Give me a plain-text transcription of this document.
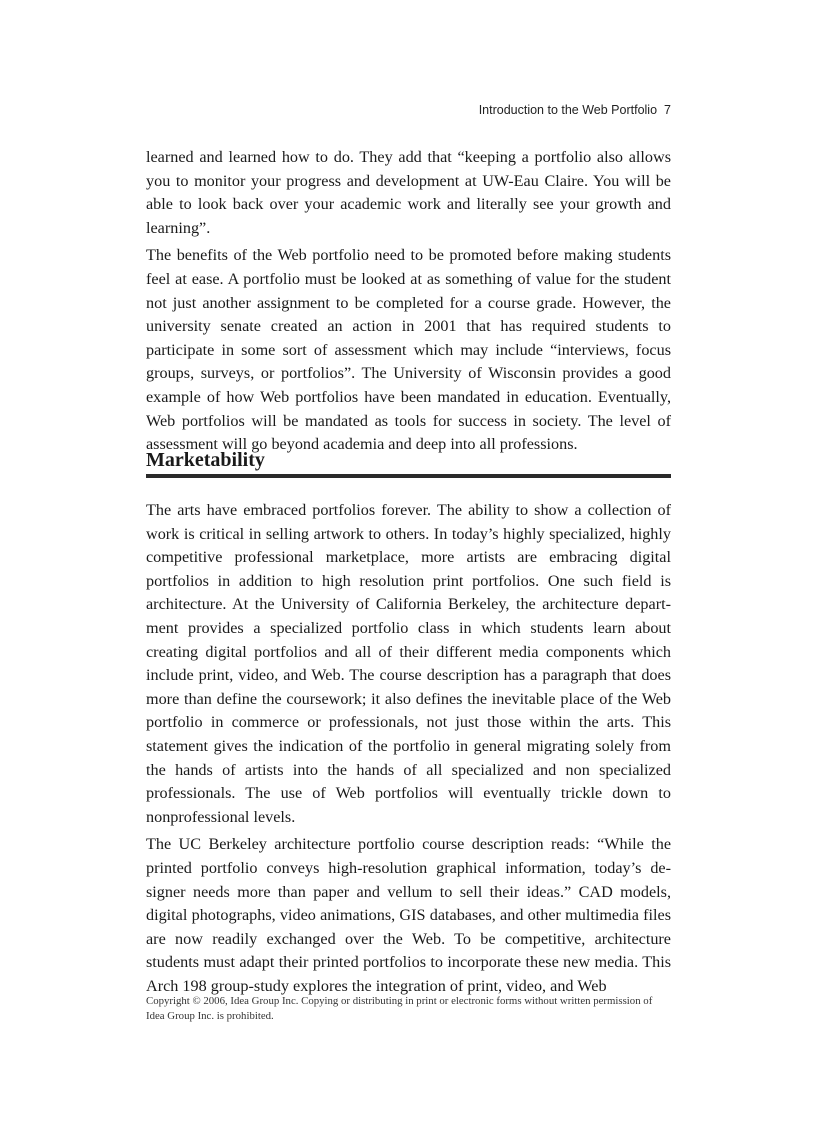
Introduction to the Web Portfolio 7

learned and learned how to do. They add that “keeping a portfolio also allows you to monitor your progress and development at UW-Eau Claire. You will be able to look back over your academic work and literally see your growth and learning”.

The benefits of the Web portfolio need to be promoted before making students feel at ease. A portfolio must be looked at as something of value for the student not just another assignment to be completed for a course grade. However, the university senate created an action in 2001 that has required students to participate in some sort of assessment which may include “interviews, focus groups, surveys, or portfolios”. The University of Wisconsin provides a good example of how Web portfolios have been mandated in education. Eventually, Web portfolios will be mandated as tools for success in society. The level of assessment will go beyond academia and deep into all professions.

Marketability

The arts have embraced portfolios forever. The ability to show a collection of work is critical in selling artwork to others. In today’s highly specialized, highly competitive professional marketplace, more artists are embracing digital portfolios in addition to high resolution print portfolios. One such field is architecture. At the University of California Berkeley, the architecture depart-ment provides a specialized portfolio class in which students learn about creating digital portfolios and all of their different media components which include print, video, and Web. The course description has a paragraph that does more than define the coursework; it also defines the inevitable place of the Web portfolio in commerce or professionals, not just those within the arts. This statement gives the indication of the portfolio in general migrating solely from the hands of artists into the hands of all specialized and non specialized professionals. The use of Web portfolios will eventually trickle down to nonprofessional levels.

The UC Berkeley architecture portfolio course description reads: “While the printed portfolio conveys high-resolution graphical information, today’s de-signer needs more than paper and vellum to sell their ideas.” CAD models, digital photographs, video animations, GIS databases, and other multimedia files are now readily exchanged over the Web. To be competitive, architecture students must adapt their printed portfolios to incorporate these new media. This Arch 198 group-study explores the integration of print, video, and Web

Copyright © 2006, Idea Group Inc. Copying or distributing in print or electronic forms without written permission of Idea Group Inc. is prohibited.
